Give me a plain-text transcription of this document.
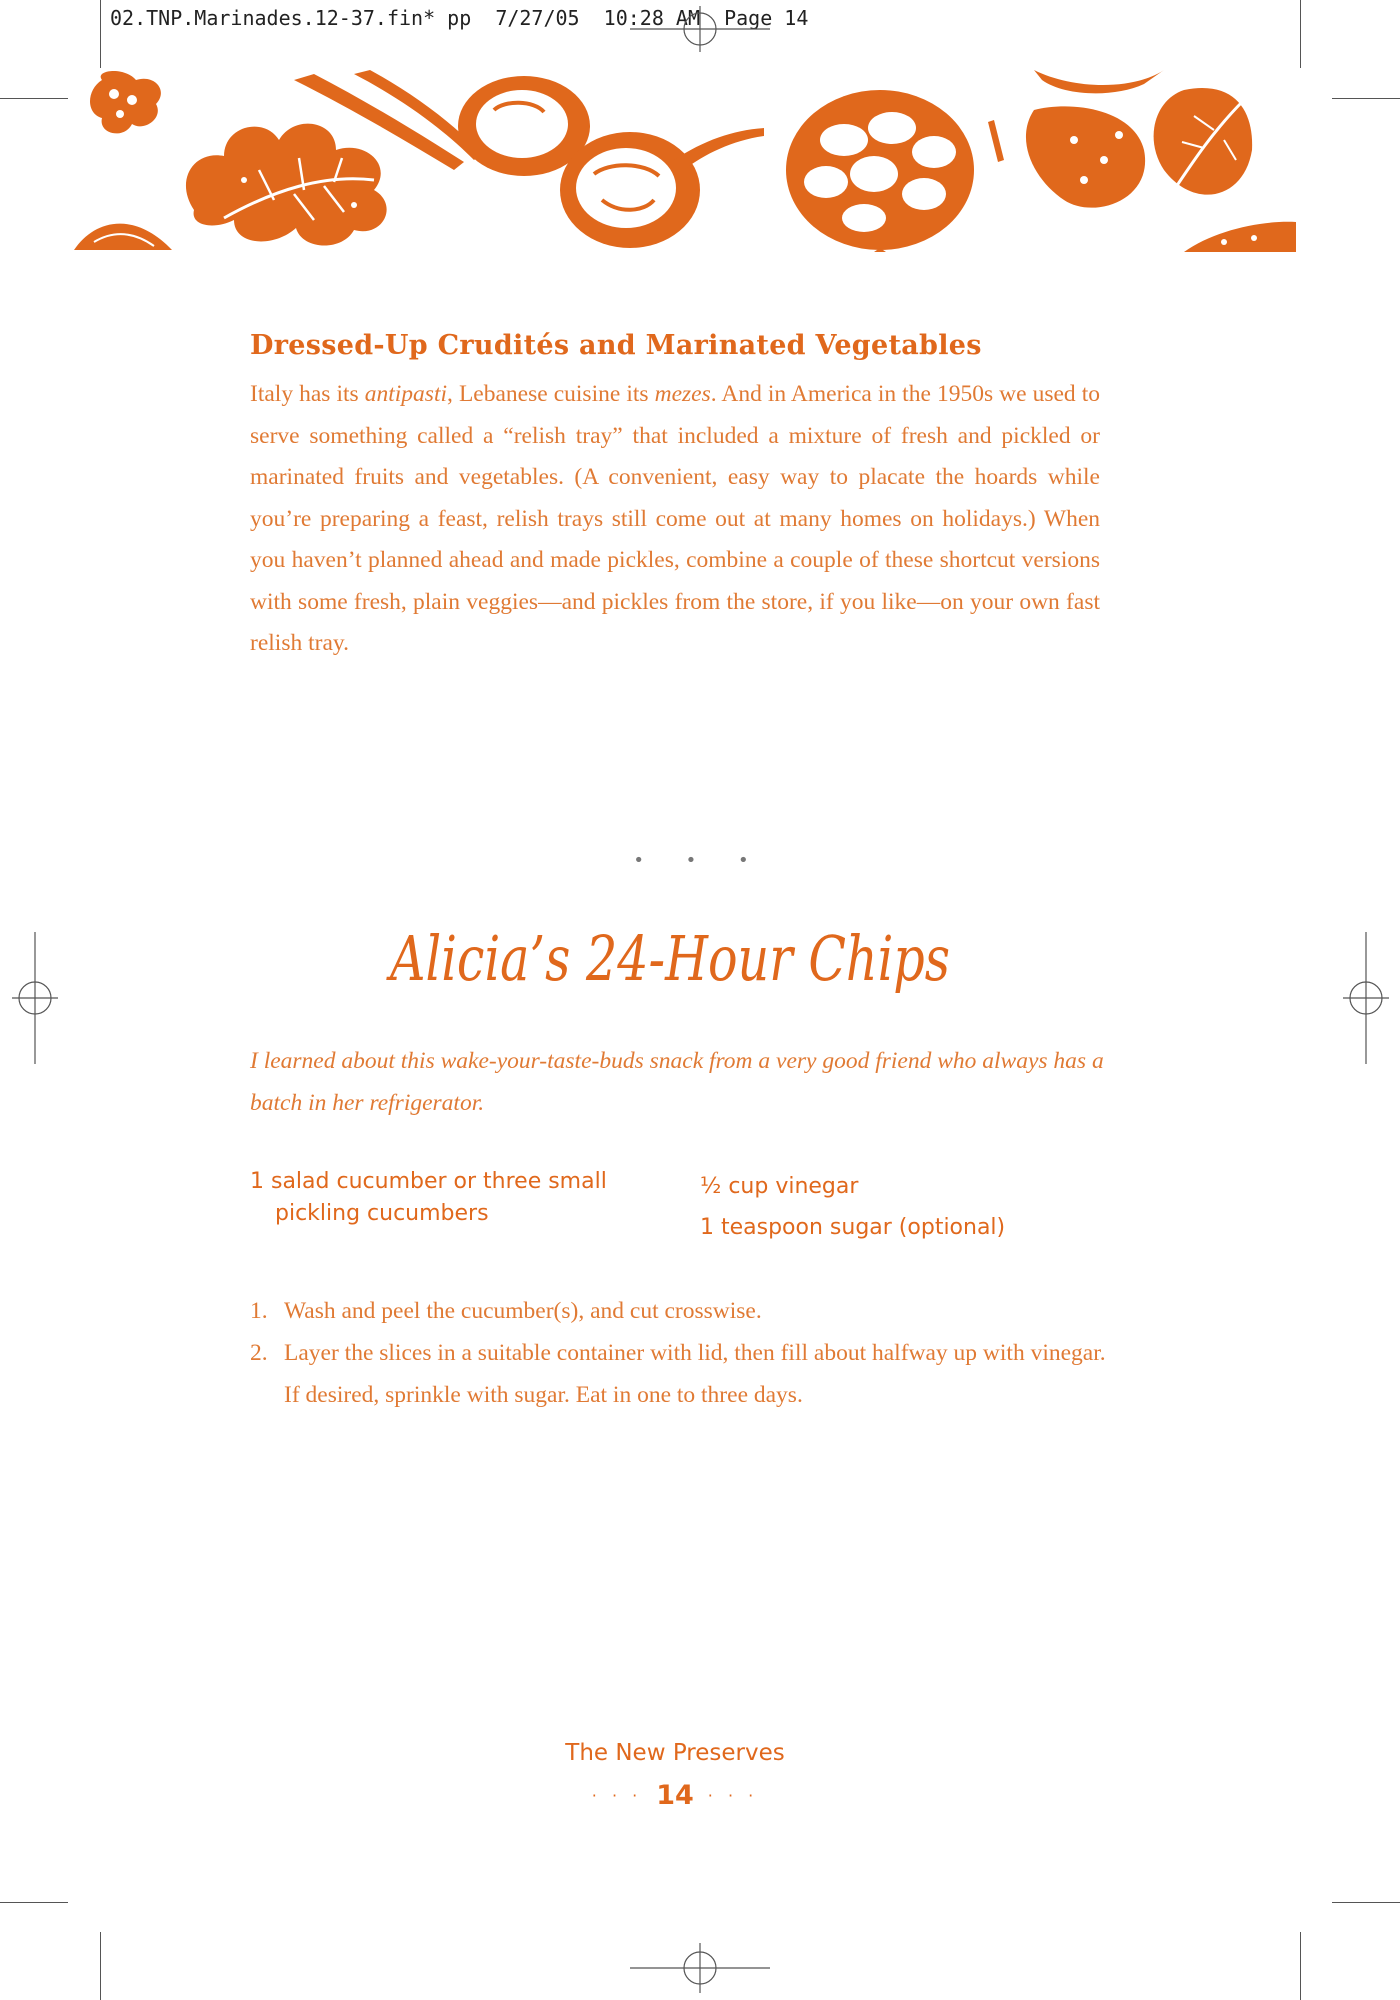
02.TNP.Marinades.12-37.fin* pp  7/27/05  10:28 AM  Page 14
Dressed-Up Crudités and Marinated Vegetables

Italy has its antipasti, Lebanese cuisine its mezes. And in America in the 1950s we used to serve something called a “relish tray” that included a mixture of fresh and pickled or marinated fruits and vegetables. (A convenient, easy way to placate the hoards while you’re preparing a feast, relish trays still come out at many homes on holidays.) When you haven’t planned ahead and made pickles, combine a couple of these shortcut versions with some fresh, plain veggies—and pickles from the store, if you like—on your own fast relish tray.

• • •
Alicia’s 24-Hour Chips

I learned about this wake-your-taste-buds snack from a very good friend who always has a batch in her refrigerator.

1 salad cucumber or three small
pickling cucumbers
½ cup vinegar
1 teaspoon sugar (optional)
1. Wash and peel the cucumber(s), and cut crosswise.
2. Layer the slices in a suitable container with lid, then fill about halfway up with vinegar. If desired, sprinkle with sugar. Eat in one to three days.
The New Preserves
· · · 14 · · ·
